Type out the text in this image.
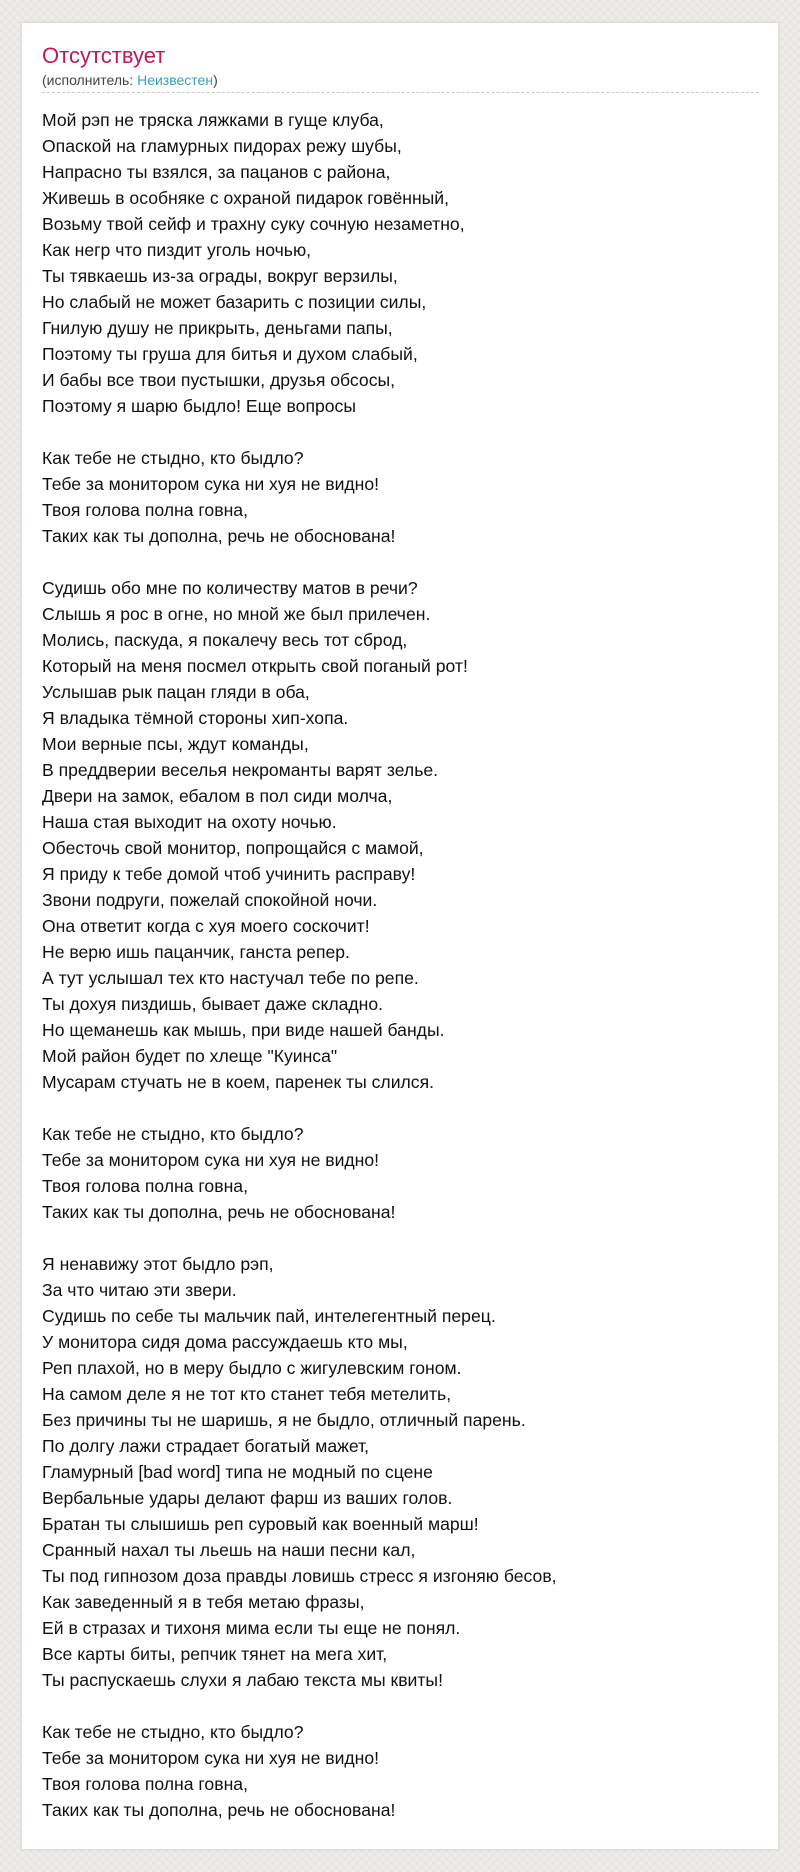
Отсутствует
(исполнитель: Неизвестен)
Мой рэп не тряска ляжками в гуще клуба,
Опаской на гламурных пидорах режу шубы,
Напрасно ты взялся, за пацанов с района,
Живешь в особняке с охраной пидарок говённый,
Возьму твой сейф и трахну суку сочную незаметно,
Как негр что пиздит уголь ночью,
Ты тявкаешь из-за ограды, вокруг верзилы,
Но слабый не может базарить с позиции силы,
Гнилую душу не прикрыть, деньгами папы,
Поэтому ты груша для битья и духом слабый,
И бабы все твои пустышки, друзья обсосы,
Поэтому я шарю быдло! Еще вопросы
Как тебе не стыдно, кто быдло?
Тебе за монитором сука ни хуя не видно!
Твоя голова полна говна,
Таких как ты дополна, речь не обоснована!
Судишь обо мне по количеству матов в речи?
Слышь я рос в огне, но мной же был прилечен.
Молись, паскуда, я покалечу весь тот сброд,
Который на меня посмел открыть свой поганый рот!
Услышав рык пацан гляди в оба,
Я владыка тёмной стороны хип-хопа.
Мои верные псы, ждут команды,
В преддверии веселья некроманты варят зелье.
Двери на замок, ебалом в пол сиди молча,
Наша стая выходит на охоту ночью.
Обесточь свой монитор, попрощайся с мамой,
Я приду к тебе домой чтоб учинить расправу!
Звони подруги, пожелай спокойной ночи.
Она ответит когда с хуя моего соскочит!
Не верю ишь пацанчик, ганста репер.
А тут услышал тех кто настучал тебе по репе.
Ты дохуя пиздишь, бывает даже складно.
Но щеманешь как мышь, при виде нашей банды.
Мой район будет по хлеще "Куинса"
Мусарам стучать не в коем, паренек ты слился.
Как тебе не стыдно, кто быдло?
Тебе за монитором сука ни хуя не видно!
Твоя голова полна говна,
Таких как ты дополна, речь не обоснована!
Я ненавижу этот быдло рэп,
За что читаю эти звери.
Судишь по себе ты мальчик пай, интелегентный перец.
У монитора сидя дома рассуждаешь кто мы,
Реп плахой, но в меру быдло с жигулевским гоном.
На самом деле я не тот кто станет тебя метелить,
Без причины ты не шаришь, я не быдло, отличный парень.
По долгу лажи страдает богатый мажет,
Гламурный [bad word] типа не модный по сцене
Вербальные удары делают фарш из ваших голов.
Братан ты слышишь реп суровый как военный марш!
Сранный нахал ты льешь на наши песни кал,
Ты под гипнозом доза правды ловишь стресс я изгоняю бесов,
Как заведенный я в тебя метаю фразы,
Ей в стразах и тихоня мима если ты еще не понял.
Все карты биты, репчик тянет на мега хит,
Ты распускаешь слухи я лабаю текста мы квиты!
Как тебе не стыдно, кто быдло?
Тебе за монитором сука ни хуя не видно!
Твоя голова полна говна,
Таких как ты дополна, речь не обоснована!
